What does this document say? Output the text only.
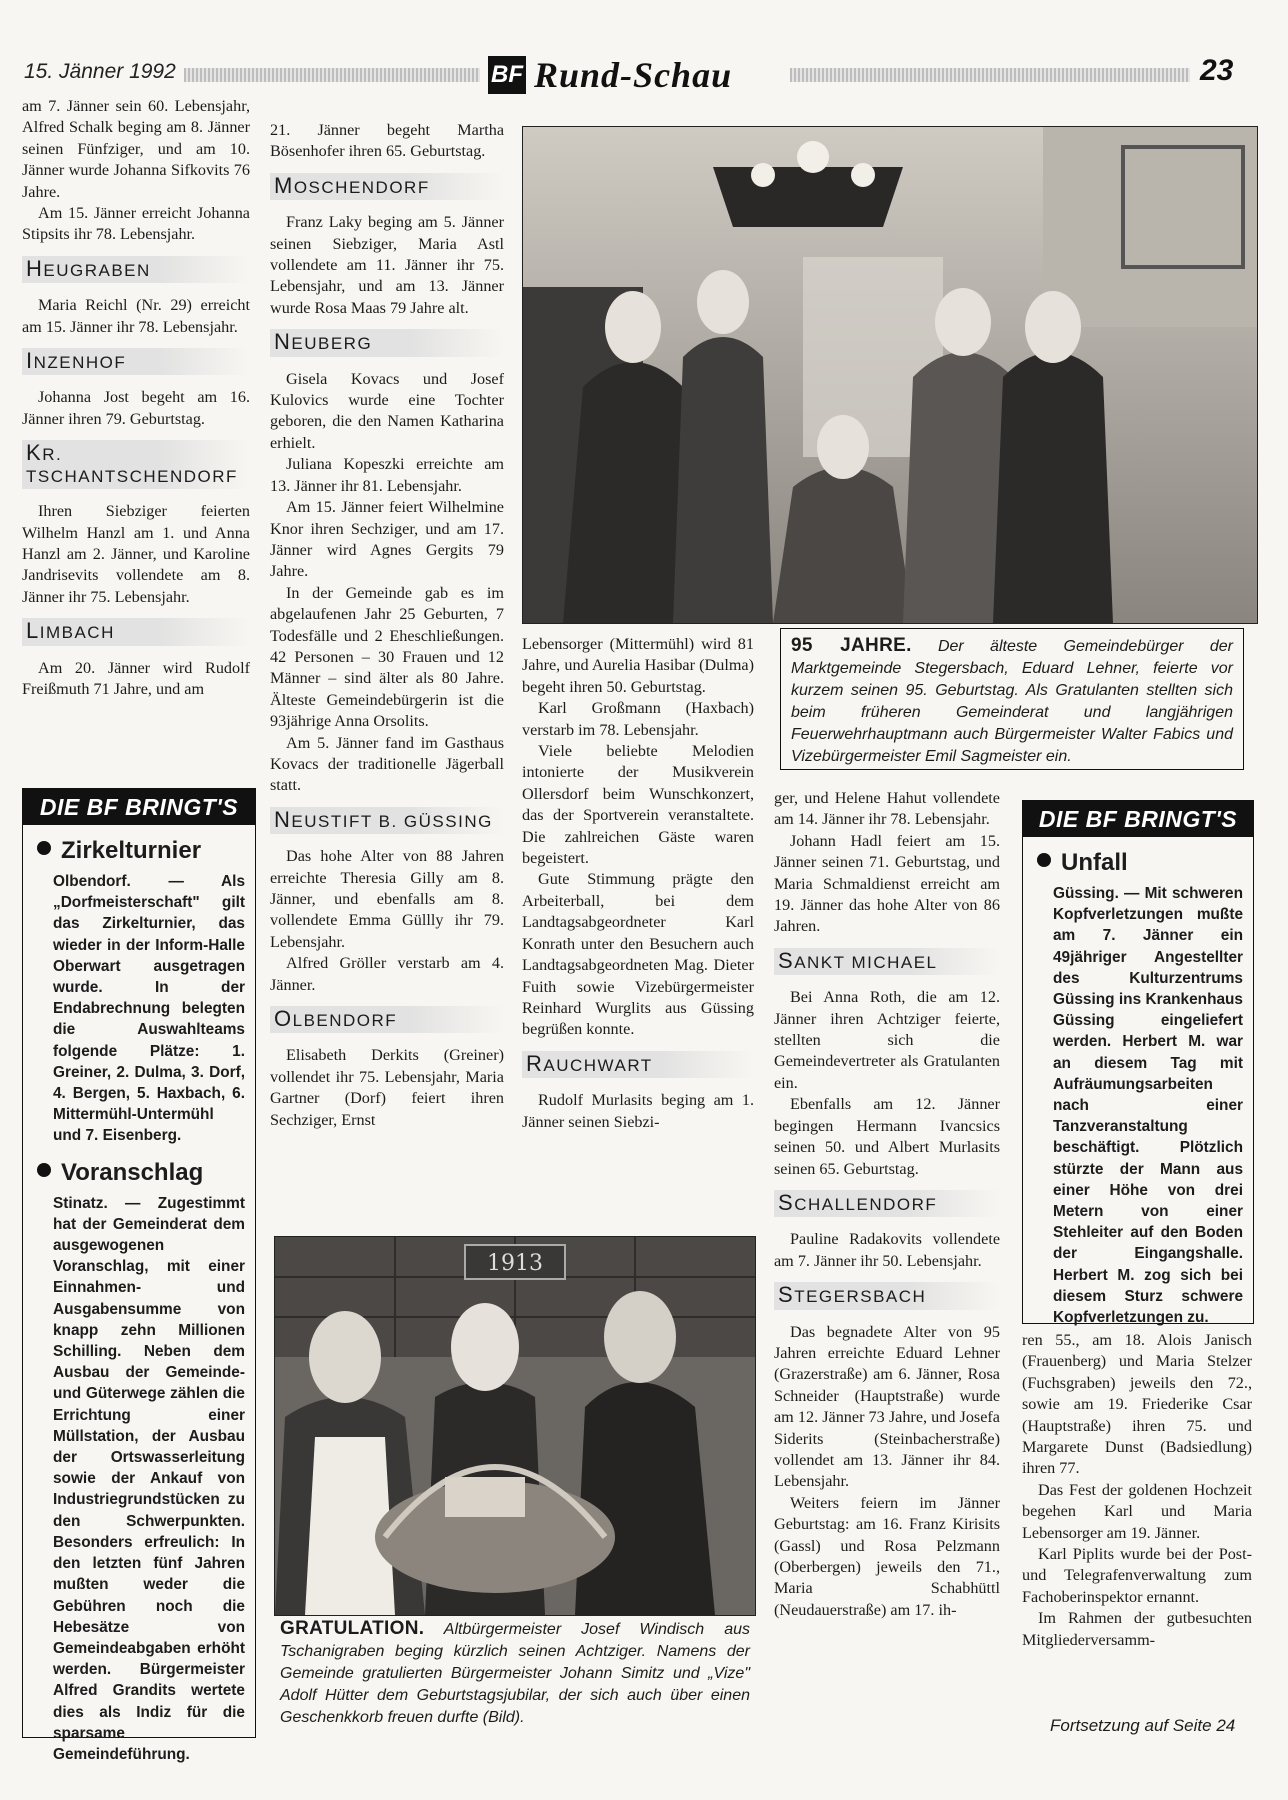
15. Jänner 1992	BF Rund-Schau	23

am 7. Jänner sein 60. Lebensjahr, Alfred Schalk beging am 8. Jänner seinen Fünfziger, und am 10. Jänner wurde Johanna Sifkovits 76 Jahre.

Am 15. Jänner erreicht Johanna Stipsits ihr 78. Lebensjahr.

HEUGRABEN

Maria Reichl (Nr. 29) erreicht am 15. Jänner ihr 78. Lebensjahr.

INZENHOF

Johanna Jost begeht am 16. Jänner ihren 79. Geburtstag.

KR. TSCHANTSCHENDORF

Ihren Siebziger feierten Wilhelm Hanzl am 1. und Anna Hanzl am 2. Jänner, und Karoline Jandrisevits vollendete am 8. Jänner ihr 75. Lebensjahr.

LIMBACH

Am 20. Jänner wird Rudolf Freißmuth 71 Jahre, und am

DIE BF BRINGT'S
Zirkelturnier
Olbendorf. — Als „Dorfmeisterschaft" gilt das Zirkelturnier, das wieder in der Inform-Halle Oberwart ausgetragen wurde. In der Endabrechnung belegten die Auswahlteams folgende Plätze: 1. Greiner, 2. Dulma, 3. Dorf, 4. Bergen, 5. Haxbach, 6. Mittermühl-Untermühl und 7. Eisenberg.
Voranschlag
Stinatz. — Zugestimmt hat der Gemeinderat dem ausgewogenen Voranschlag, mit einer Einnahmen- und Ausgabensumme von knapp zehn Millionen Schilling. Neben dem Ausbau der Gemeinde- und Güterwege zählen die Errichtung einer Müllstation, der Ausbau der Ortswasserleitung sowie der Ankauf von Industriegrundstücken zu den Schwerpunkten. Besonders erfreulich: In den letzten fünf Jahren mußten weder die Gebühren noch die Hebesätze von Gemeindeabgaben erhöht werden. Bürgermeister Alfred Grandits wertete dies als Indiz für die sparsame Gemeindeführung.

21. Jänner begeht Martha Bösenhofer ihren 65. Geburtstag.

MOSCHENDORF

Franz Laky beging am 5. Jänner seinen Siebziger, Maria Astl vollendete am 11. Jänner ihr 75. Lebensjahr, und am 13. Jänner wurde Rosa Maas 79 Jahre alt.

NEUBERG

Gisela Kovacs und Josef Kulovics wurde eine Tochter geboren, die den Namen Katharina erhielt.

Juliana Kopeszki erreichte am 13. Jänner ihr 81. Lebensjahr.

Am 15. Jänner feiert Wilhelmine Knor ihren Sechziger, und am 17. Jänner wird Agnes Gergits 79 Jahre.

In der Gemeinde gab es im abgelaufenen Jahr 25 Geburten, 7 Todesfälle und 2 Eheschließungen. 42 Personen – 30 Frauen und 12 Männer – sind älter als 80 Jahre. Älteste Gemeindebürgerin ist die 93jährige Anna Orsolits.

Am 5. Jänner fand im Gasthaus Kovacs der traditionelle Jägerball statt.

NEUSTIFT B. GÜSSING

Das hohe Alter von 88 Jahren erreichte Theresia Gilly am 8. Jänner, und ebenfalls am 8. vollendete Emma Güllly ihr 79. Lebensjahr.

Alfred Gröller verstarb am 4. Jänner.

OLBENDORF

Elisabeth Derkits (Greiner) vollendet ihr 75. Lebensjahr, Maria Gartner (Dorf) feiert ihren Sechziger, Ernst

Lebensorger (Mittermühl) wird 81 Jahre, und Aurelia Hasibar (Dulma) begeht ihren 50. Geburtstag.

Karl Großmann (Haxbach) verstarb im 78. Lebensjahr.

Viele beliebte Melodien intonierte der Musikverein Ollersdorf beim Wunschkonzert, das der Sportverein veranstaltete. Die zahlreichen Gäste waren begeistert.

Gute Stimmung prägte den Arbeiterball, bei dem Landtagsabgeordneter Karl Konrath unter den Besuchern auch Landtagsabgeordneten Mag. Dieter Fuith sowie Vizebürgermeister Reinhard Wurglits aus Güssing begrüßen konnte.

RAUCHWART

Rudolf Murlasits beging am 1. Jänner seinen Siebzi-

95 JAHRE. Der älteste Gemeindebürger der Marktgemeinde Stegersbach, Eduard Lehner, feierte vor kurzem seinen 95. Geburtstag. Als Gratulanten stellten sich beim früheren Gemeinderat und langjährigen Feuerwehrhauptmann auch Bürgermeister Walter Fabics und Vizebürgermeister Emil Sagmeister ein.

ger, und Helene Hahut vollendete am 14. Jänner ihr 78. Lebensjahr.

Johann Hadl feiert am 15. Jänner seinen 71. Geburtstag, und Maria Schmaldienst erreicht am 19. Jänner das hohe Alter von 86 Jahren.

SANKT MICHAEL

Bei Anna Roth, die am 12. Jänner ihren Achtziger feierte, stellten sich die Gemeindevertreter als Gratulanten ein.

Ebenfalls am 12. Jänner begingen Hermann Ivancsics seinen 50. und Albert Murlasits seinen 65. Geburtstag.

SCHALLENDORF

Pauline Radakovits vollendete am 7. Jänner ihr 50. Lebensjahr.

STEGERSBACH

Das begnadete Alter von 95 Jahren erreichte Eduard Lehner (Grazerstraße) am 6. Jänner, Rosa Schneider (Hauptstraße) wurde am 12. Jänner 73 Jahre, und Josefa Siderits (Steinbacherstraße) vollendet am 13. Jänner ihr 84. Lebensjahr.

Weiters feiern im Jänner Geburtstag: am 16. Franz Kirisits (Gassl) und Rosa Pelzmann (Oberbergen) jeweils den 71., Maria Schabhüttl (Neudauerstraße) am 17. ih-

DIE BF BRINGT'S
Unfall
Güssing. — Mit schweren Kopfverletzungen mußte am 7. Jänner ein 49jähriger Angestellter des Kulturzentrums Güssing ins Krankenhaus Güssing eingeliefert werden. Herbert M. war an diesem Tag mit Aufräumungsarbeiten nach einer Tanzveranstaltung beschäftigt. Plötzlich stürzte der Mann aus einer Höhe von drei Metern von einer Stehleiter auf den Boden der Eingangshalle. Herbert M. zog sich bei diesem Sturz schwere Kopfverletzungen zu.

ren 55., am 18. Alois Janisch (Frauenberg) und Maria Stelzer (Fuchsgraben) jeweils den 72., sowie am 19. Friederike Csar (Hauptstraße) ihren 75. und Margarete Dunst (Badsiedlung) ihren 77.

Das Fest der goldenen Hochzeit begehen Karl und Maria Lebensorger am 19. Jänner.

Karl Piplits wurde bei der Post- und Telegrafenverwaltung zum Fachoberinspektor ernannt.

Im Rahmen der gutbesuchten Mitgliederversamm-

1913
GRATULATION. Altbürgermeister Josef Windisch aus Tschanigraben beging kürzlich seinen Achtziger. Namens der Gemeinde gratulierten Bürgermeister Johann Simitz und „Vize" Adolf Hütter dem Geburtstagsjubilar, der sich auch über einen Geschenkkorb freuen durfte (Bild).	Fortsetzung auf Seite 24
